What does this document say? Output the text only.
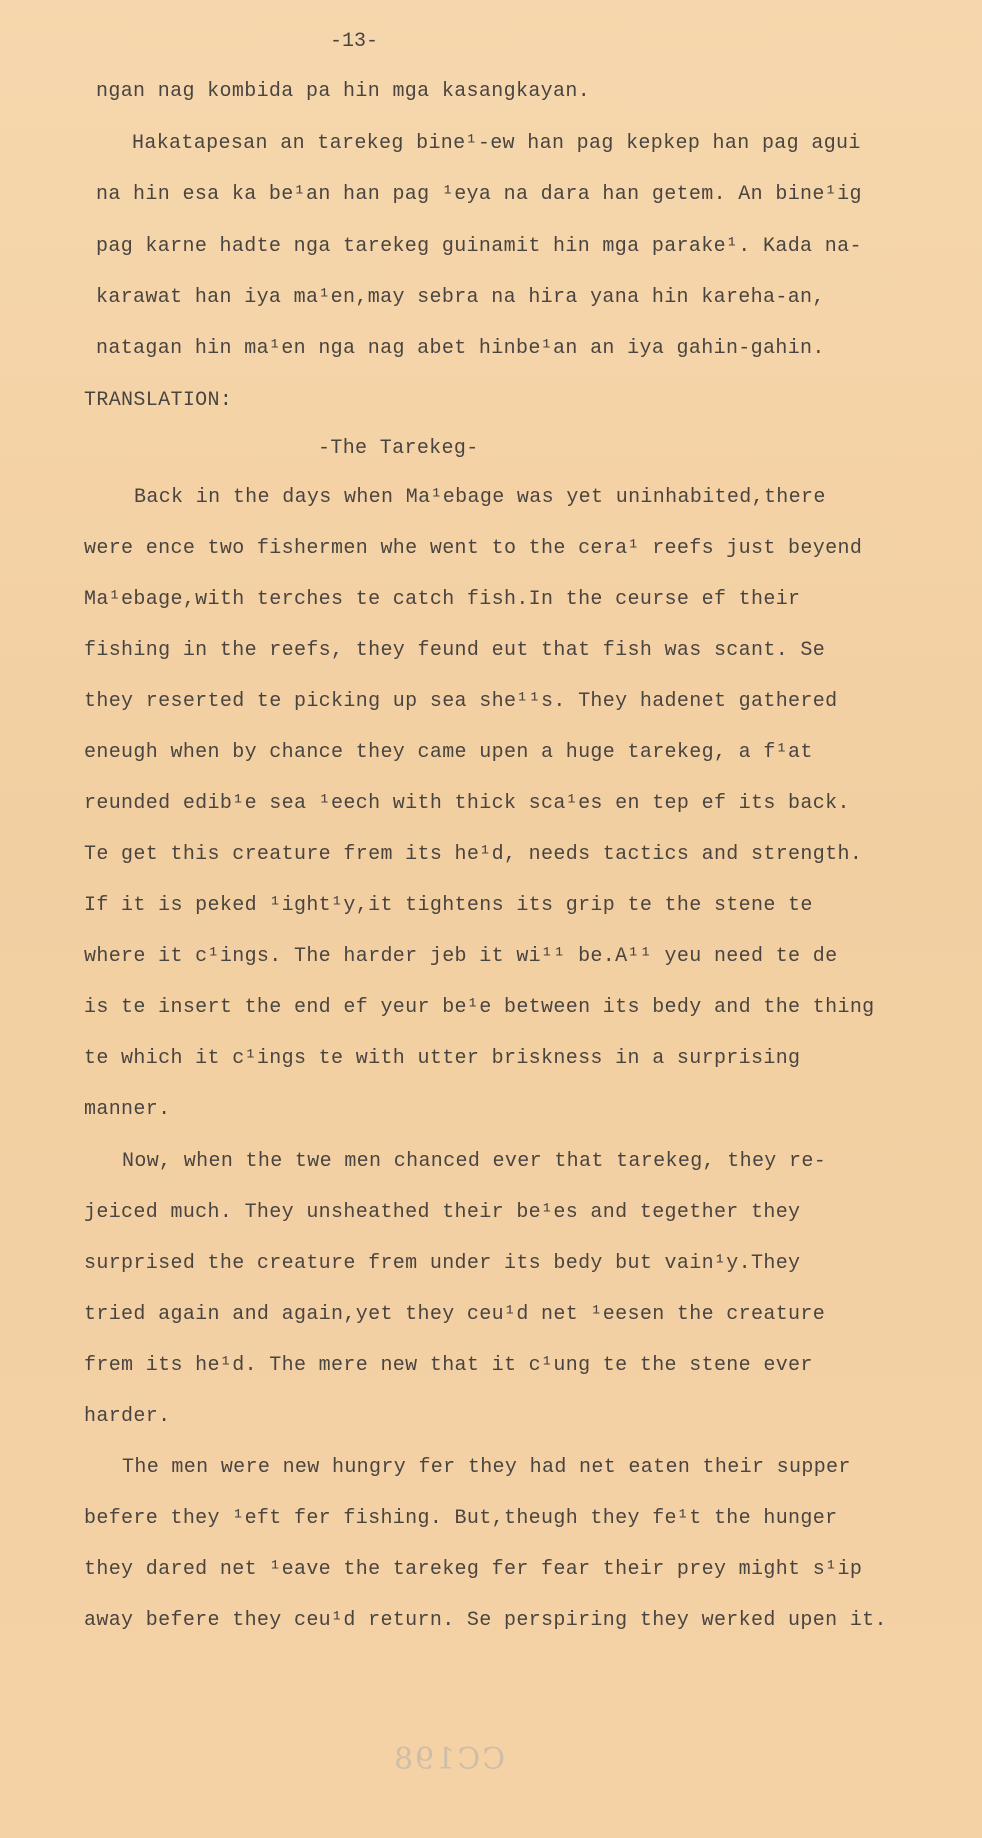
-13-
ngan nag kombida pa hin mga kasangkayan.
Hakatapesan an tarekeg bine¹-ew han pag kepkep han pag agui
na hin esa ka be¹an han pag ¹eya na dara han getem. An bine¹ig
pag karne hadte nga tarekeg guinamit hin mga parake¹. Kada na-
karawat han iya ma¹en,may sebra na hira yana hin kareha-an,
natagan hin ma¹en nga nag abet hinbe¹an an iya gahin-gahin.
TRANSLATION:
-The Tarekeg-
Back in the days when Ma¹ebage was yet uninhabited,there
were ence two fishermen whe went to the cera¹ reefs just beyend
Ma¹ebage,with terches te catch fish.In the ceurse ef their
fishing in the reefs, they feund eut that fish was scant. Se
they reserted te picking up sea she¹¹s. They hadenet gathered
eneugh when by chance they came upen a huge tarekeg, a f¹at
reunded edib¹e sea ¹eech with thick sca¹es en tep ef its back.
Te get this creature frem its he¹d, needs tactics and strength.
If it is peked ¹ight¹y,it tightens its grip te the stene te
where it c¹ings. The harder jeb it wi¹¹ be.A¹¹ yeu need te de
is te insert the end ef yeur be¹e between its bedy and the thing
te which it c¹ings te with utter briskness in a surprising
manner.
Now, when the twe men chanced ever that tarekeg, they re-
jeiced much. They unsheathed their be¹es and tegether they
surprised the creature frem under its bedy but vain¹y.They
tried again and again,yet they ceu¹d net ¹eesen the creature
frem its he¹d. The mere new that it c¹ung te the stene ever
harder.
The men were new hungry fer they had net eaten their supper
befere they ¹eft fer fishing. But,theugh they fe¹t the hunger
they dared net ¹eave the tarekeg fer fear their prey might s¹ip
away befere they ceu¹d return. Se perspiring they werked upen it.
CC198
